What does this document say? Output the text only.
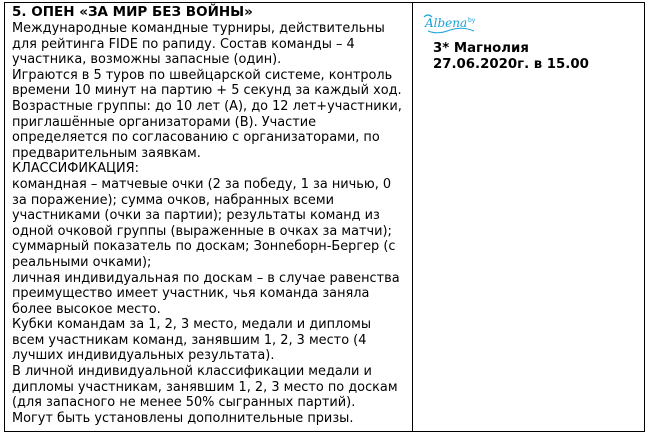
5. ОПЕН «ЗА МИР БЕЗ ВОЙНЫ»

Международные командные турниры, действительны для рейтинга FIDE по рапиду. Состав команды – 4 участника, возможны запасные (один).

Играются в 5 туров по швейцарской системе, контроль времени 10 минут на партию + 5 секунд за каждый ход.

Возрастные группы: до 10 лет (А), до 12 лет+участники, приглашённые организаторами (В). Участие определяется по согласованию с организаторами, по предварительным заявкам.

КЛАССИФИКАЦИЯ:

командная – матчевые очки (2 за победу, 1 за ничью, 0 за поражение); сумма очков, набранных всеми участниками (очки за партии); результаты команд из одной очковой группы (выраженные в очках за матчи); суммарный показатель по доскам; Зонneборн-Бергер (с реальными очками);

личная индивидуальная по доскам – в случае равенства преимущество имеет участник, чья команда заняла более высокое место.

Кубки командам за 1, 2, 3 место, медали и дипломы всем участникам команд, занявшим 1, 2, 3 место (4 лучших индивидуальных результата).

В личной индивидуальной классификации медали и дипломы участникам, занявшим 1, 2, 3 место по доскам (для запасного не менее 50% сыгранных партий).

Могут быть установлены дополнительные призы.

Albena by
3* Магнолия
27.06.2020г. в 15.00
